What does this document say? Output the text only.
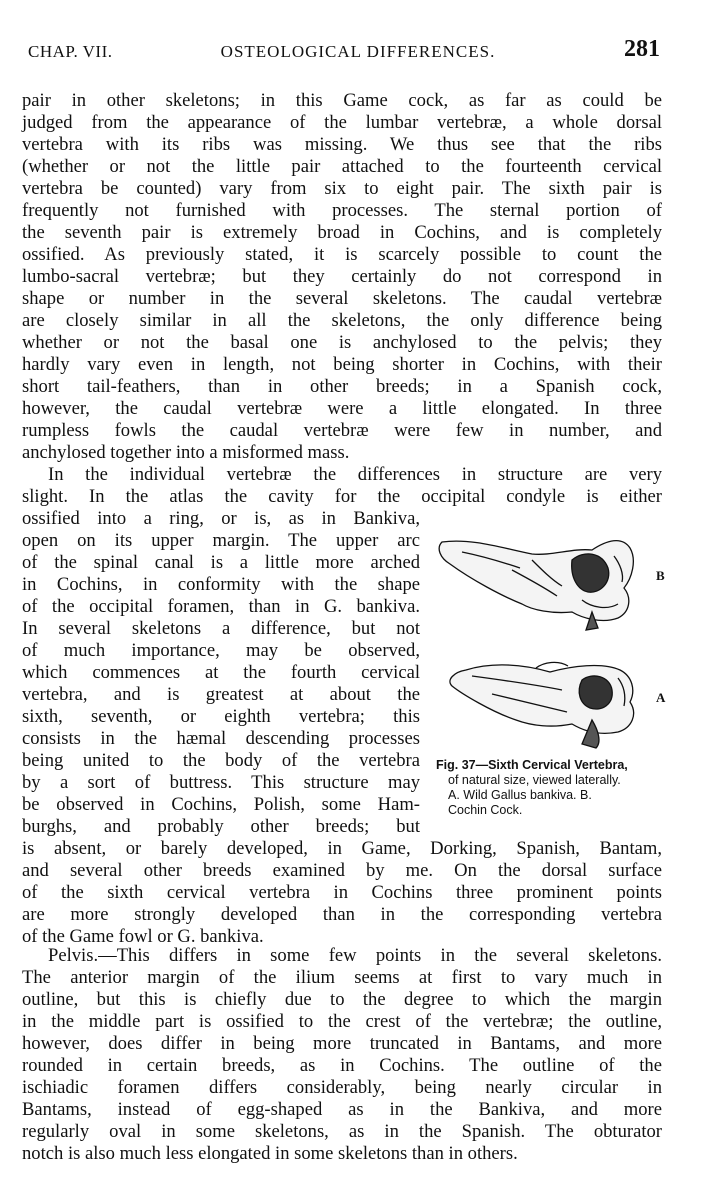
CHAP. VII.	OSTEOLOGICAL DIFFERENCES.	281
pair in other skeletons; in this Game cock, as far as could be
judged from the appearance of the lumbar vertebræ, a whole dorsal
vertebra with its ribs was missing. We thus see that the ribs
(whether or not the little pair attached to the fourteenth cervical
vertebra be counted) vary from six to eight pair. The sixth pair is
frequently not furnished with processes. The sternal portion of
the seventh pair is extremely broad in Cochins, and is completely
ossified. As previously stated, it is scarcely possible to count the
lumbo-sacral vertebræ; but they certainly do not correspond in
shape or number in the several skeletons. The caudal vertebræ
are closely similar in all the skeletons, the only difference being
whether or not the basal one is anchylosed to the pelvis; they
hardly vary even in length, not being shorter in Cochins, with their
short tail-feathers, than in other breeds; in a Spanish cock,
however, the caudal vertebræ were a little elongated. In three
rumpless fowls the caudal vertebræ were few in number, and
anchylosed together into a misformed mass.
In the individual vertebræ the differences in structure are very
slight. In the atlas the cavity for the occipital condyle is either
ossified into a ring, or is, as in Bankiva,
open on its upper margin. The upper arc
of the spinal canal is a little more arched
in Cochins, in conformity with the shape
of the occipital foramen, than in G. bankiva.
In several skeletons a difference, but not
of much importance, may be observed,
which commences at the fourth cervical
vertebra, and is greatest at about the
sixth, seventh, or eighth vertebra; this
consists in the hæmal descending processes
being united to the body of the vertebra
by a sort of buttress. This structure may
be observed in Cochins, Polish, some Ham-
burghs, and probably other breeds; but
is absent, or barely developed, in Game, Dorking, Spanish, Bantam,
and several other breeds examined by me. On the dorsal surface
of the sixth cervical vertebra in Cochins three prominent points
are more strongly developed than in the corresponding vertebra
of the Game fowl or G. bankiva.
Pelvis.—This differs in some few points in the several skeletons.
The anterior margin of the ilium seems at first to vary much in
outline, but this is chiefly due to the degree to which the margin
in the middle part is ossified to the crest of the vertebræ; the outline,
however, does differ in being more truncated in Bantams, and more
rounded in certain breeds, as in Cochins. The outline of the
ischiadic foramen differs considerably, being nearly circular in
Bantams, instead of egg-shaped as in the Bankiva, and more
regularly oval in some skeletons, as in the Spanish. The obturator
notch is also much less elongated in some skeletons than in others.
B
A
Fig. 37—Sixth Cervical Vertebra,
of natural size, viewed laterally.
A. Wild Gallus bankiva. B.
Cochin Cock.
